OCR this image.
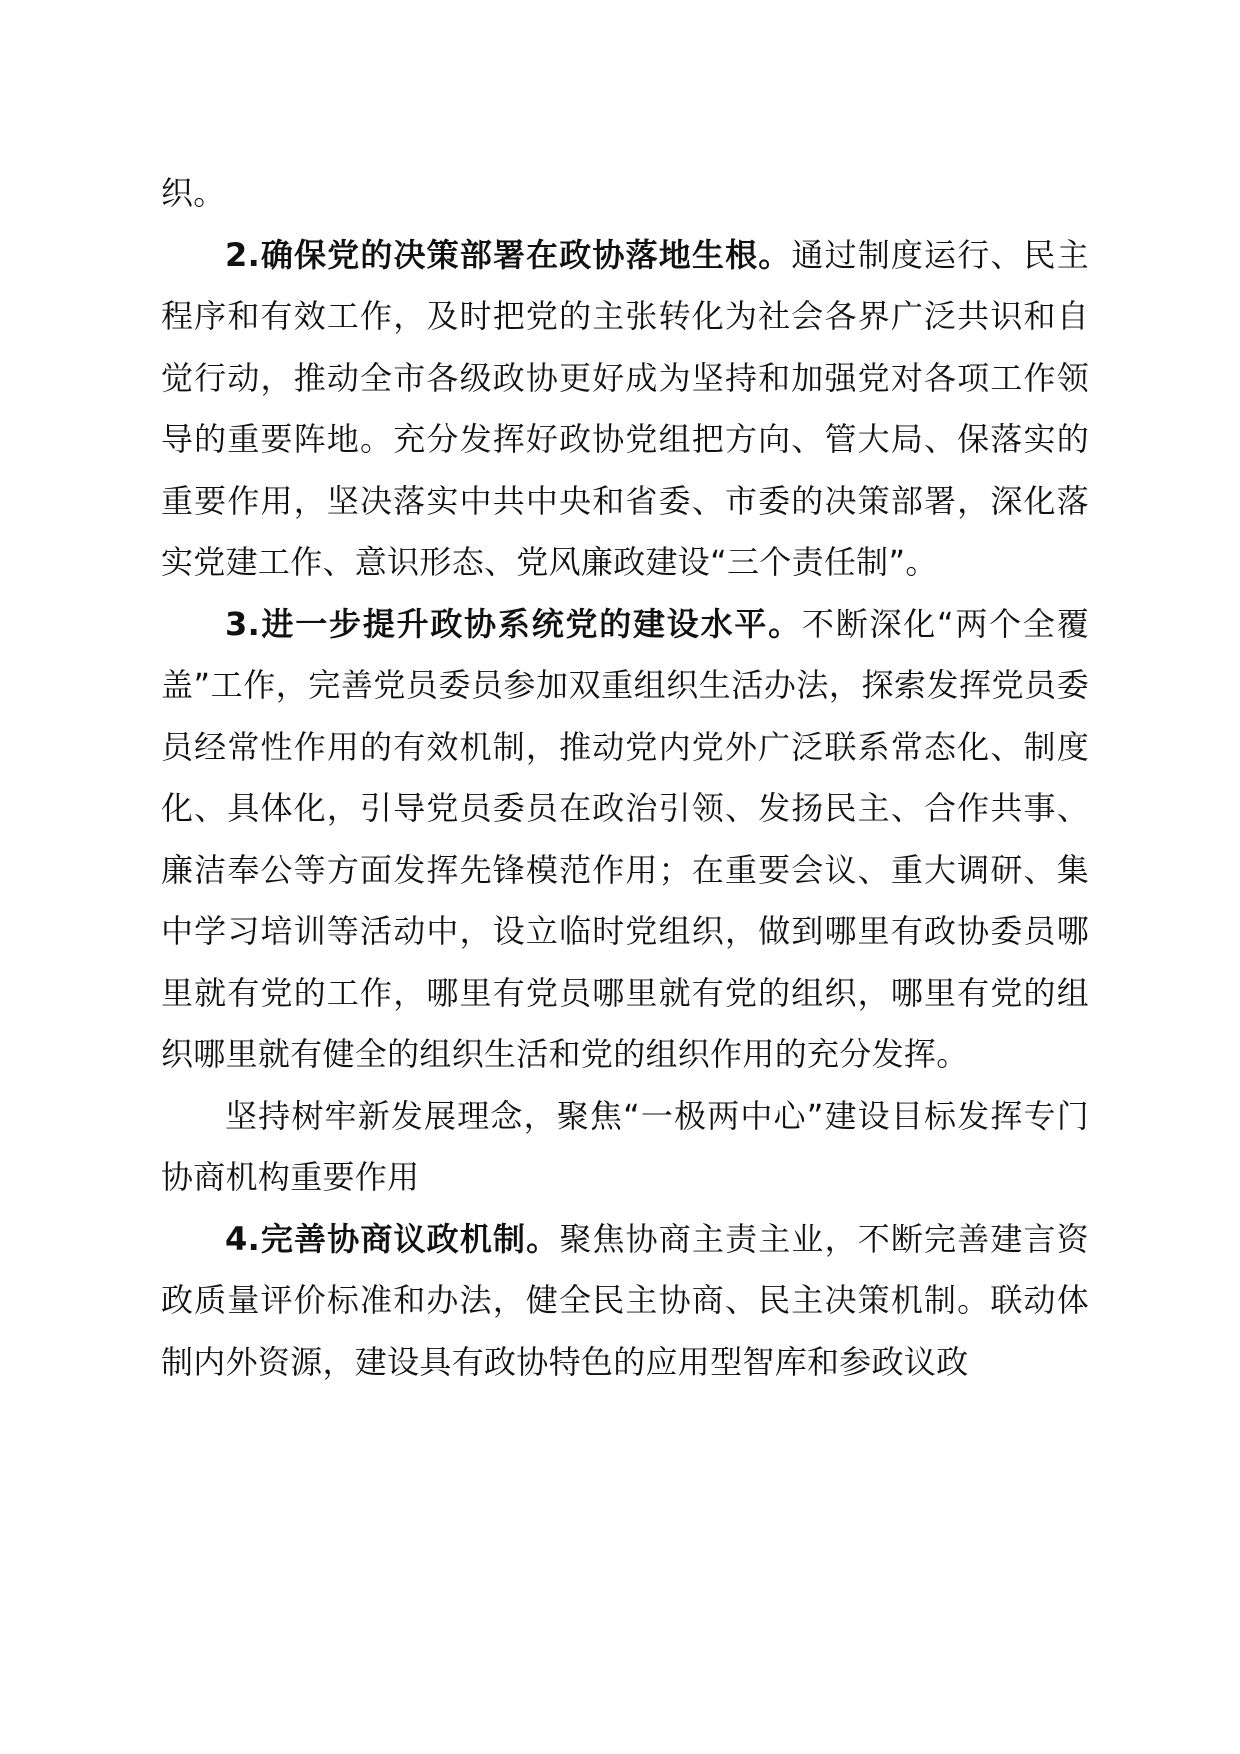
织。

2.确保党的决策部署在政协落地生根。通过制度运行、民主程序和有效工作，及时把党的主张转化为社会各界广泛共识和自觉行动，推动全市各级政协更好成为坚持和加强党对各项工作领导的重要阵地。充分发挥好政协党组把方向、管大局、保落实的重要作用，坚决落实中共中央和省委、市委的决策部署，深化落实党建工作、意识形态、党风廉政建设“三个责任制”。

3.进一步提升政协系统党的建设水平。不断深化“两个全覆盖”工作，完善党员委员参加双重组织生活办法，探索发挥党员委员经常性作用的有效机制，推动党内党外广泛联系常态化、制度化、具体化，引导党员委员在政治引领、发扬民主、合作共事、廉洁奉公等方面发挥先锋模范作用；在重要会议、重大调研、集中学习培训等活动中，设立临时党组织，做到哪里有政协委员哪里就有党的工作，哪里有党员哪里就有党的组织，哪里有党的组织哪里就有健全的组织生活和党的组织作用的充分发挥。

坚持树牢新发展理念，聚焦“一极两中心”建设目标发挥专门协商机构重要作用

4.完善协商议政机制。聚焦协商主责主业，不断完善建言资政质量评价标准和办法，健全民主协商、民主决策机制。联动体制内外资源，建设具有政协特色的应用型智库和参政议政
